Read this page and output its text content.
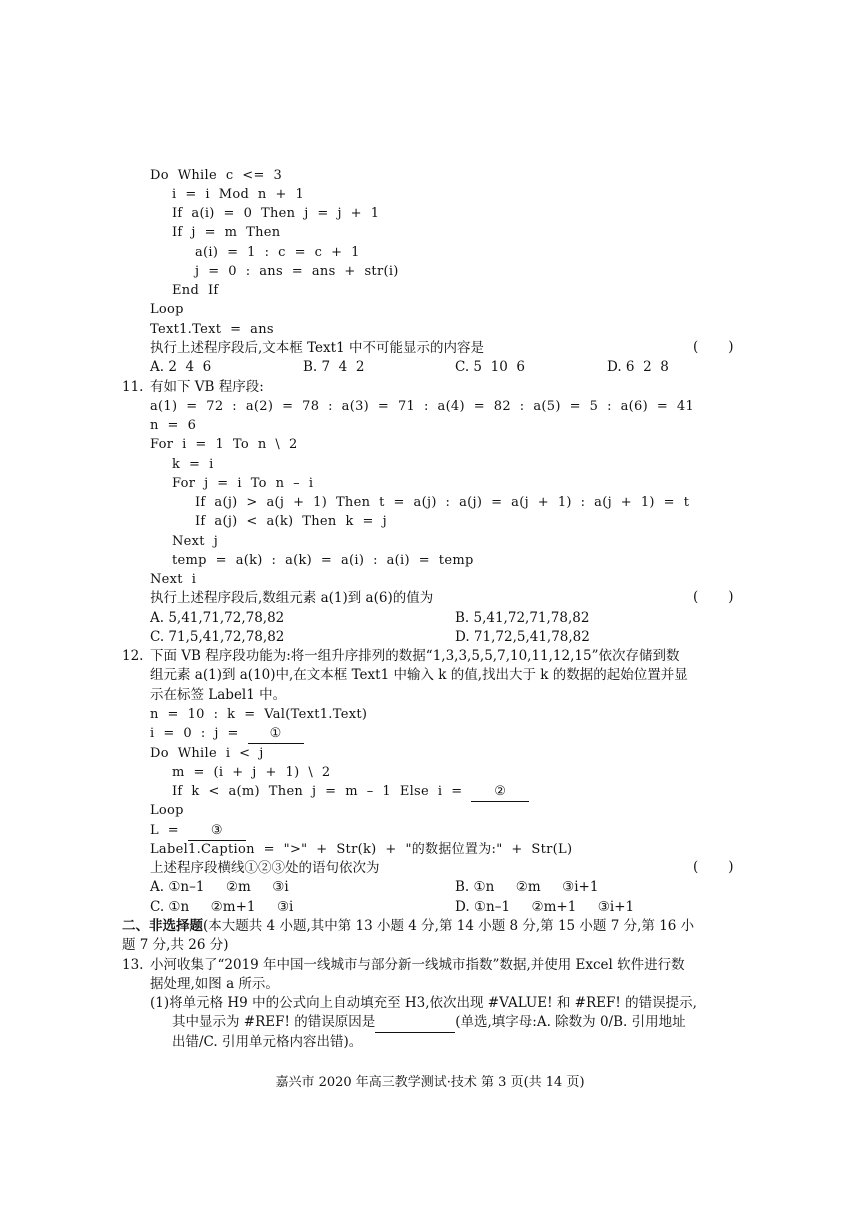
Do  While  c  <=  3
i  =  i  Mod  n  +  1
If  a(i)  =  0  Then  j  =  j  +  1
If  j  =  m  Then
a(i)  =  1  :  c  =  c  +  1
j  =  0  :  ans  =  ans  +  str(i)
End  If
Loop
Text1.Text  =  ans
执行上述程序段后,文本框 Text1 中不可能显示的内容是	(       )
A. 2  4  6	B. 7  4  2	C. 5  10  6	D. 6  2  8
11. 有如下 VB 程序段:
a(1)  =  72  :  a(2)  =  78  :  a(3)  =  71  :  a(4)  =  82  :  a(5)  =  5  :  a(6)  =  41
n  =  6
For  i  =  1  To  n  \  2
k  =  i
For  j  =  i  To  n  –  i
If  a(j)  >  a(j  +  1)  Then  t  =  a(j)  :  a(j)  =  a(j  +  1)  :  a(j  +  1)  =  t
If  a(j)  <  a(k)  Then  k  =  j
Next  j
temp  =  a(k)  :  a(k)  =  a(i)  :  a(i)  =  temp
Next  i
执行上述程序段后,数组元素 a(1)到 a(6)的值为	(       )
A. 5,41,71,72,78,82	B. 5,41,72,71,78,82
C. 71,5,41,72,78,82	D. 71,72,5,41,78,82
12. 下面 VB 程序段功能为:将一组升序排列的数据“1,3,3,5,5,7,10,11,12,15”依次存储到数
组元素 a(1)到 a(10)中,在文本框 Text1 中输入 k 的值,找出大于 k 的数据的起始位置并显
示在标签 Label1 中。
n  =  10  :  k  =  Val(Text1.Text)
i  =  0  :  j  =  ①
Do  While  i  <  j
m  =  (i  +  j  +  1)  \  2
If  k  <  a(m)  Then  j  =  m  –  1  Else  i  =  ②
Loop
L  =  ③
Label1.Caption  =  ">"  +  Str(k)  +  "的数据位置为:"  +  Str(L)
上述程序段横线①②③处的语句依次为	(       )
A. ①n–1     ②m     ③i	B. ①n     ②m     ③i+1
C. ①n     ②m+1     ③i	D. ①n–1     ②m+1     ③i+1
二、非选择题(本大题共 4 小题,其中第 13 小题 4 分,第 14 小题 8 分,第 15 小题 7 分,第 16 小
题 7 分,共 26 分)
13. 小河收集了“2019 年中国一线城市与部分新一线城市指数”数据,并使用 Excel 软件进行数
据处理,如图 a 所示。
(1)将单元格 H9 中的公式向上自动填充至 H3,依次出现 #VALUE! 和 #REF! 的错误提示,
其中显示为 #REF! 的错误原因是	(单选,填字母:A. 除数为 0/B. 引用地址
出错/C. 引用单元格内容出错)。
嘉兴市 2020 年高三教学测试·技术 第 3 页(共 14 页)
